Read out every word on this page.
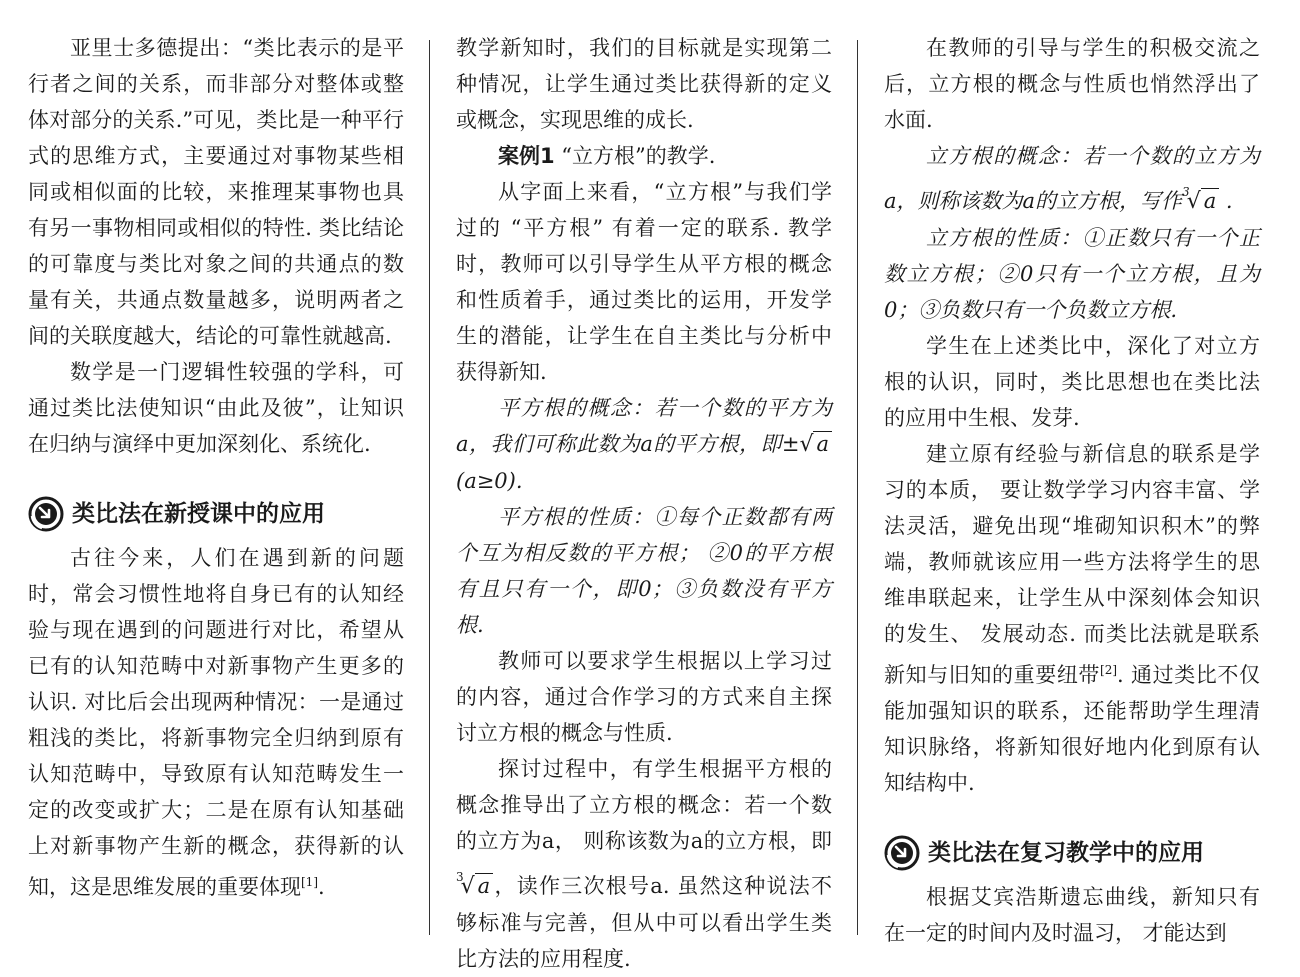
亚里士多德提出：“类比表示的是平行者之间的关系，而非部分对整体或整体对部分的关系.”可见，类比是一种平行式的思维方式，主要通过对事物某些相同或相似面的比较，来推理某事物也具有另一事物相同或相似的特性. 类比结论的可靠度与类比对象之间的共通点的数量有关，共通点数量越多，说明两者之间的关联度越大，结论的可靠性就越高.

数学是一门逻辑性较强的学科，可通过类比法使知识“由此及彼”，让知识在归纳与演绎中更加深刻化、系统化.

类比法在新授课中的应用

古往今来，人们在遇到新的问题时，常会习惯性地将自身已有的认知经验与现在遇到的问题进行对比，希望从已有的认知范畴中对新事物产生更多的认识. 对比后会出现两种情况：一是通过粗浅的类比，将新事物完全归纳到原有认知范畴中，导致原有认知范畴发生一定的改变或扩大；二是在原有认知基础上对新事物产生新的概念，获得新的认知，这是思维发展的重要体现[1].

教学新知时，我们的目标就是实现第二种情况，让学生通过类比获得新的定义或概念，实现思维的成长.

案例1 “立方根”的教学.

从字面上来看，“立方根”与我们学过的 “平方根” 有着一定的联系. 教学时，教师可以引导学生从平方根的概念和性质着手，通过类比的运用，开发学生的潜能，让学生在自主类比与分析中获得新知.

平方根的概念：若一个数的平方为a，我们可称此数为a的平方根，即±√ a (a≥0).

平方根的性质：①每个正数都有两个互为相反数的平方根； ②0的平方根有且只有一个，即0；③负数没有平方根.

教师可以要求学生根据以上学习过的内容，通过合作学习的方式来自主探讨立方根的概念与性质.

探讨过程中，有学生根据平方根的概念推导出了立方根的概念：若一个数的立方为a， 则称该数为a的立方根，即 $^3$√ a ，读作三次根号a. 虽然这种说法不够标准与完善，但从中可以看出学生类比方法的应用程度.

在教师的引导与学生的积极交流之后，立方根的概念与性质也悄然浮出了水面.

立方根的概念：若一个数的立方为a，则称该数为a的立方根，写作$^3$√ a .

立方根的性质：①正数只有一个正数立方根；②0只有一个立方根，且为0；③负数只有一个负数立方根.

学生在上述类比中，深化了对立方根的认识，同时，类比思想也在类比法的应用中生根、发芽.

建立原有经验与新信息的联系是学习的本质， 要让数学学习内容丰富、学法灵活，避免出现“堆砌知识积木”的弊端，教师就该应用一些方法将学生的思维串联起来，让学生从中深刻体会知识的发生、 发展动态. 而类比法就是联系新知与旧知的重要纽带[2]. 通过类比不仅能加强知识的联系，还能帮助学生理清知识脉络，将新知很好地内化到原有认知结构中.

类比法在复习教学中的应用

根据艾宾浩斯遗忘曲线，新知只有在一定的时间内及时温习， 才能达到
